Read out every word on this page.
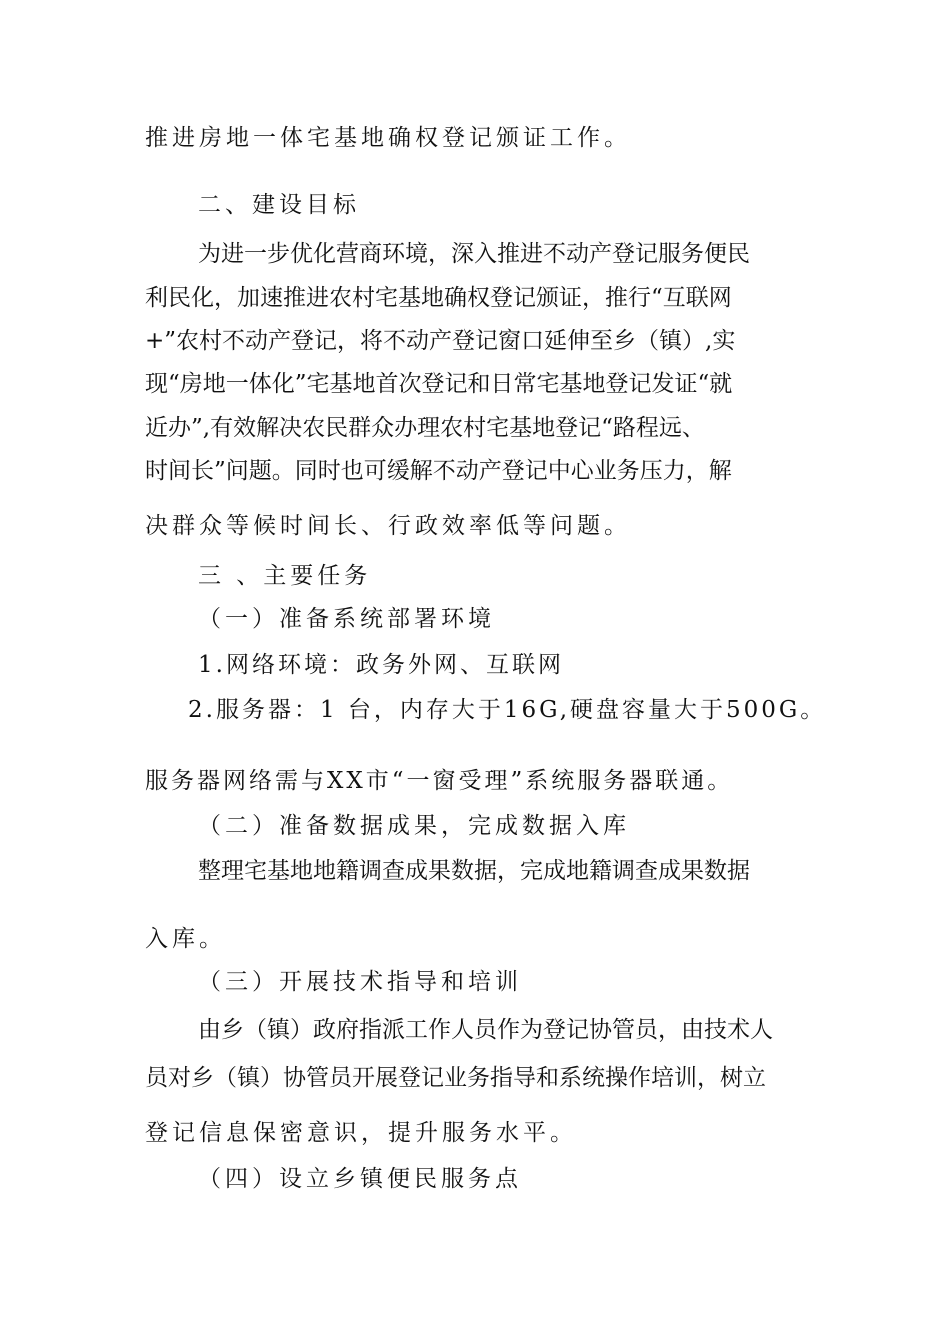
推进房地一体宅基地确权登记颁证工作。
二、建设目标
为进一步优化营商环境，深入推进不动产登记服务便民
利民化，加速推进农村宅基地确权登记颁证，推行“互联网
+”农村不动产登记，将不动产登记窗口延伸至乡（镇）,实
现“房地一体化”宅基地首次登记和日常宅基地登记发证“就
近办”,有效解决农民群众办理农村宅基地登记“路程远、
时间长”问题。同时也可缓解不动产登记中心业务压力，解
决群众等候时间长、行政效率低等问题。
三 、主要任务
（一）准备系统部署环境
1.网络环境：政务外网、互联网
2.服务器：1 台，内存大于16G,硬盘容量大于500G。
服务器网络需与XX市“一窗受理”系统服务器联通。
（二）准备数据成果，完成数据入库
整理宅基地地籍调查成果数据，完成地籍调查成果数据
入库。
（三）开展技术指导和培训
由乡（镇）政府指派工作人员作为登记协管员，由技术人
员对乡（镇）协管员开展登记业务指导和系统操作培训，树立
登记信息保密意识，提升服务水平。
（四）设立乡镇便民服务点
